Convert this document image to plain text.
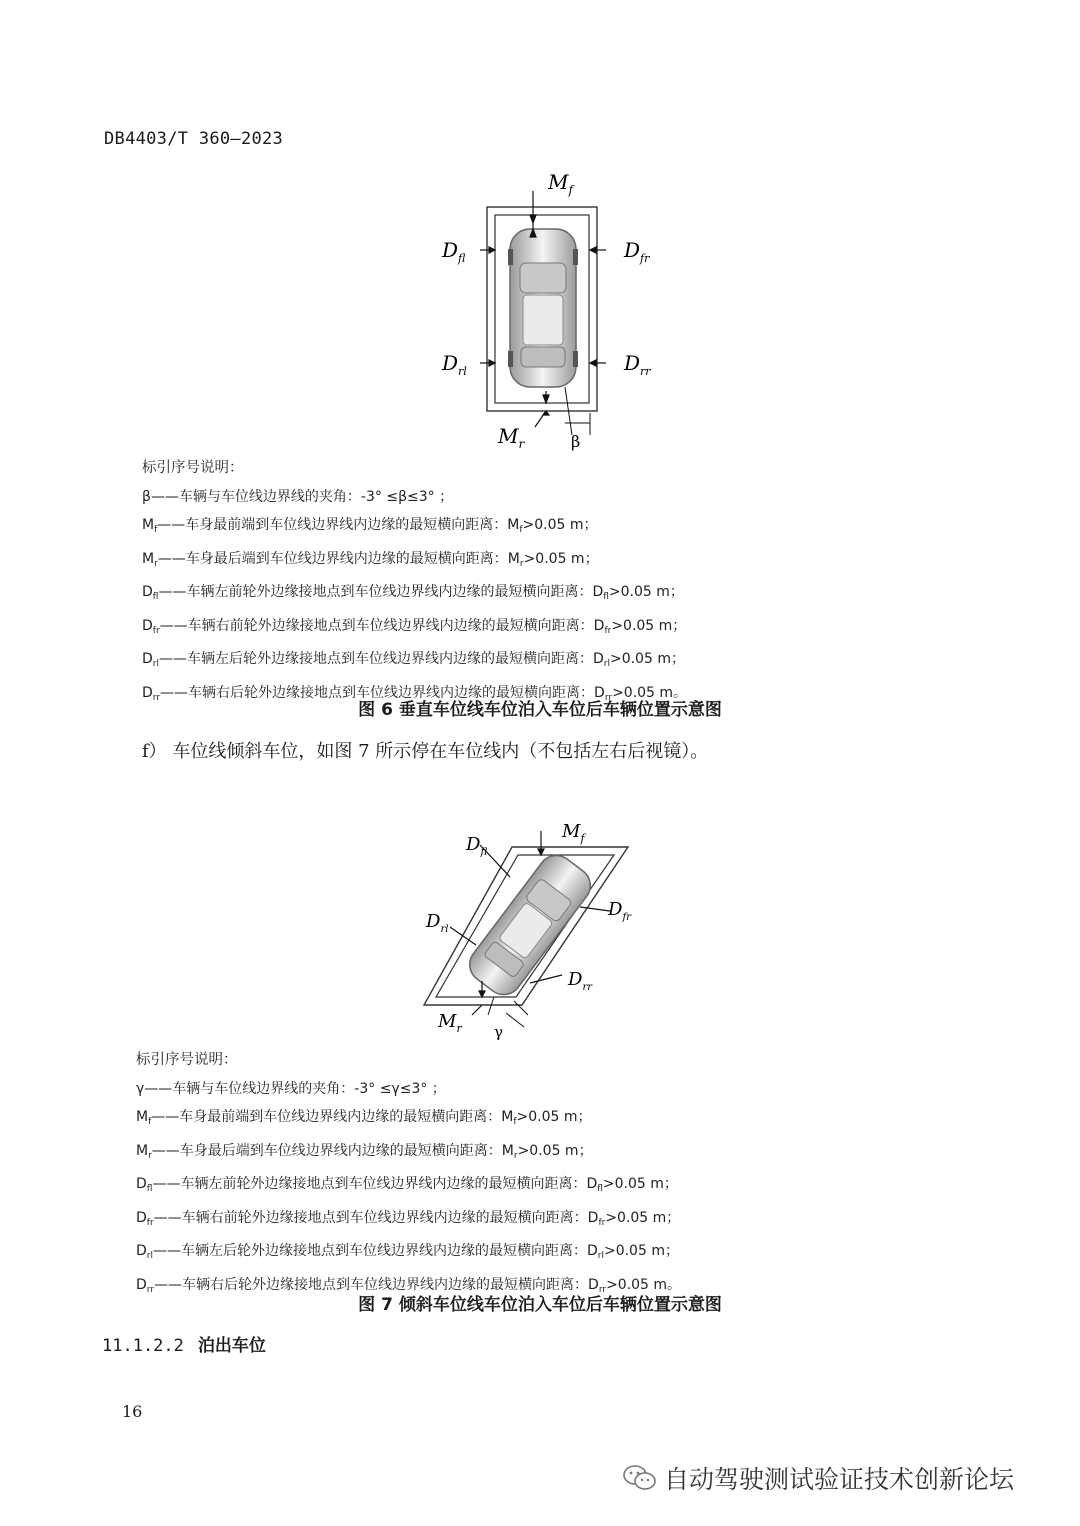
DB4403/T 360—2023
$M_f$
$D_{fl}$	$D_{fr}$
$D_{rl}$	$D_{rr}$
$M_r$	β
标引序号说明：
β——车辆与车位线边界线的夹角：-3° ≤β≤3° ；
$M_f——$车身最前端到车位线边界线内边缘的最短横向距离：$M_f>0.05$ m；
$M_r——$车身最后端到车位线边界线内边缘的最短横向距离：$M_r>0.05$ m；
$D_{fl}——$车辆左前轮外边缘接地点到车位线边界线内边缘的最短横向距离：$D_{fl}>0.05$ m；
$D_{fr}——$车辆右前轮外边缘接地点到车位线边界线内边缘的最短横向距离：$D_{fr}>0.05$ m；
$D_{rl}——$车辆左后轮外边缘接地点到车位线边界线内边缘的最短横向距离：$D_{rl}>0.05$ m；
$D_{rr}——$车辆右后轮外边缘接地点到车位线边界线内边缘的最短横向距离：$D_{rr}>0.05$ m。
图 6 垂直车位线车位泊入车位后车辆位置示意图
f） 车位线倾斜车位，如图 7 所示停在车位线内（不包括左右后视镜）。
$M_f$
$D_{fl}$
$D_{fr}$
$D_{rl}$
$D_{rr}$
$M_r$ γ
标引序号说明：
γ——车辆与车位线边界线的夹角：-3° ≤γ≤3° ；
$M_f——$车身最前端到车位线边界线内边缘的最短横向距离：$M_f>0.05$ m；
$M_r——$车身最后端到车位线边界线内边缘的最短横向距离：$M_r>0.05$ m；
$D_{fl}——$车辆左前轮外边缘接地点到车位线边界线内边缘的最短横向距离：$D_{fl}>0.05$ m；
$D_{fr}——$车辆右前轮外边缘接地点到车位线边界线内边缘的最短横向距离：$D_{fr}>0.05$ m；
$D_{rl}——$车辆左后轮外边缘接地点到车位线边界线内边缘的最短横向距离：$D_{rl}>0.05$ m；
$D_{rr}——$车辆右后轮外边缘接地点到车位线边界线内边缘的最短横向距离：$D_{rr}>0.05$ m。
图 7 倾斜车位线车位泊入车位后车辆位置示意图
11.1.2.2 泊出车位
16
自动驾驶测试验证技术创新论坛
